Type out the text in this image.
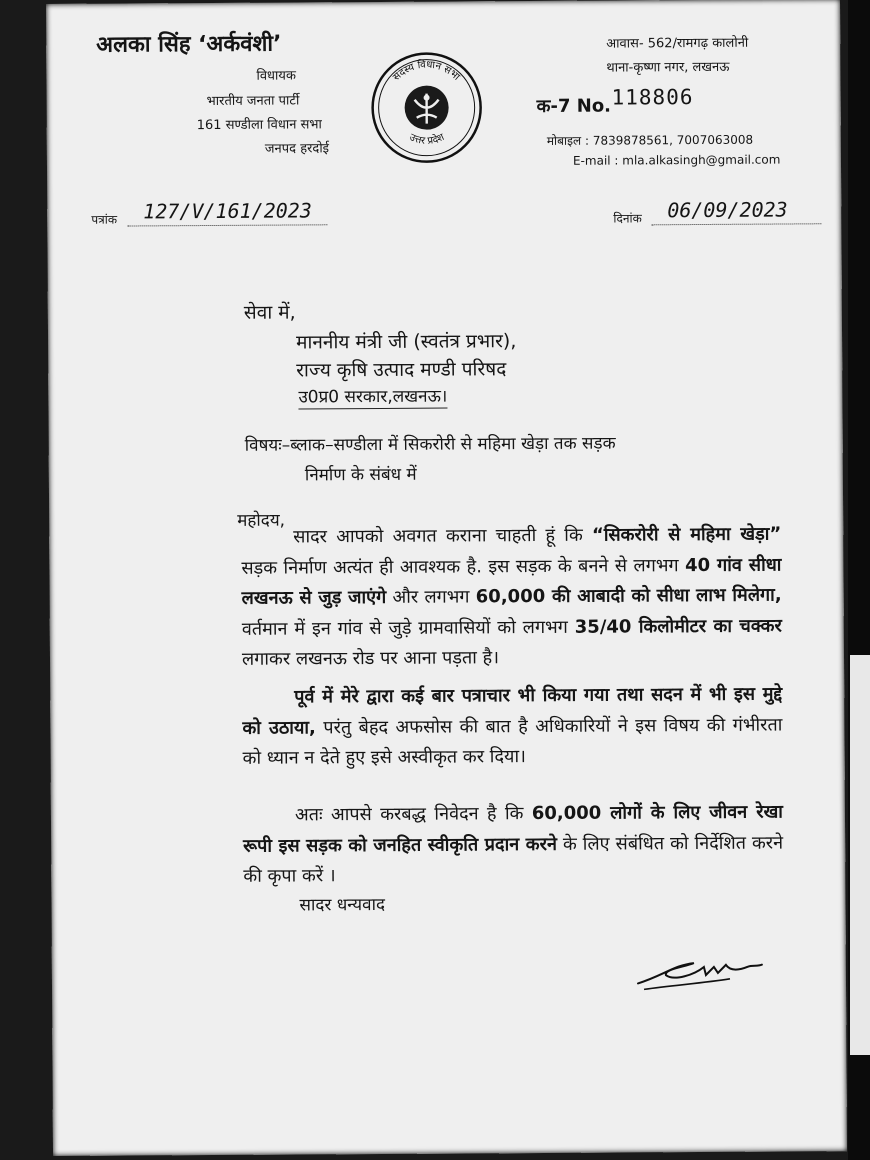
अलका सिंह ‘अर्कवंशी’
विधायक
भारतीय जनता पार्टी
161 सण्डीला विधान सभा
जनपद हरदोई
सदस्य विधान सभा
उत्तर प्रदेश
आवास- 562/रामगढ़ कालोनी
थाना-कृष्णा नगर, लखनऊ
क-7 No. 118806
मोबाइल : 7839878561, 7007063008
E-mail : mla.alkasingh@gmail.com
पत्रांक 127/V/161/2023	दिनांक 06/09/2023
सेवा में,
माननीय मंत्री जी (स्वतंत्र प्रभार),
राज्य कृषि उत्पाद मण्डी परिषद
उ0प्र0 सरकार,लखनऊ।
विषयः–ब्लाक–सण्डीला में सिकरोरी से महिमा खेड़ा तक सड़क
निर्माण के संबंध में
महोदय,
सादर आपको अवगत कराना चाहती हूं कि “सिकरोरी से महिमा खेड़ा” सड़क निर्माण अत्यंत ही आवश्यक है. इस सड़क के बनने से लगभग 40 गांव सीधा लखनऊ से जुड़ जाएंगे और लगभग 60,000 की आबादी को सीधा लाभ मिलेगा, वर्तमान में इन गांव से जुड़े ग्रामवासियों को लगभग 35/40 किलोमीटर का चक्कर लगाकर लखनऊ रोड पर आना पड़ता है।
पूर्व में मेरे द्वारा कई बार पत्राचार भी किया गया तथा सदन में भी इस मुद्दे को उठाया, परंतु बेहद अफसोस की बात है अधिकारियों ने इस विषय की गंभीरता को ध्यान न देते हुए इसे अस्वीकृत कर दिया।
अतः आपसे करबद्ध निवेदन है कि 60,000 लोगों के लिए जीवन रेखा रूपी इस सड़क को जनहित स्वीकृति प्रदान करने के लिए संबंधित को निर्देशित करने की कृपा करें ।
सादर धन्यवाद
